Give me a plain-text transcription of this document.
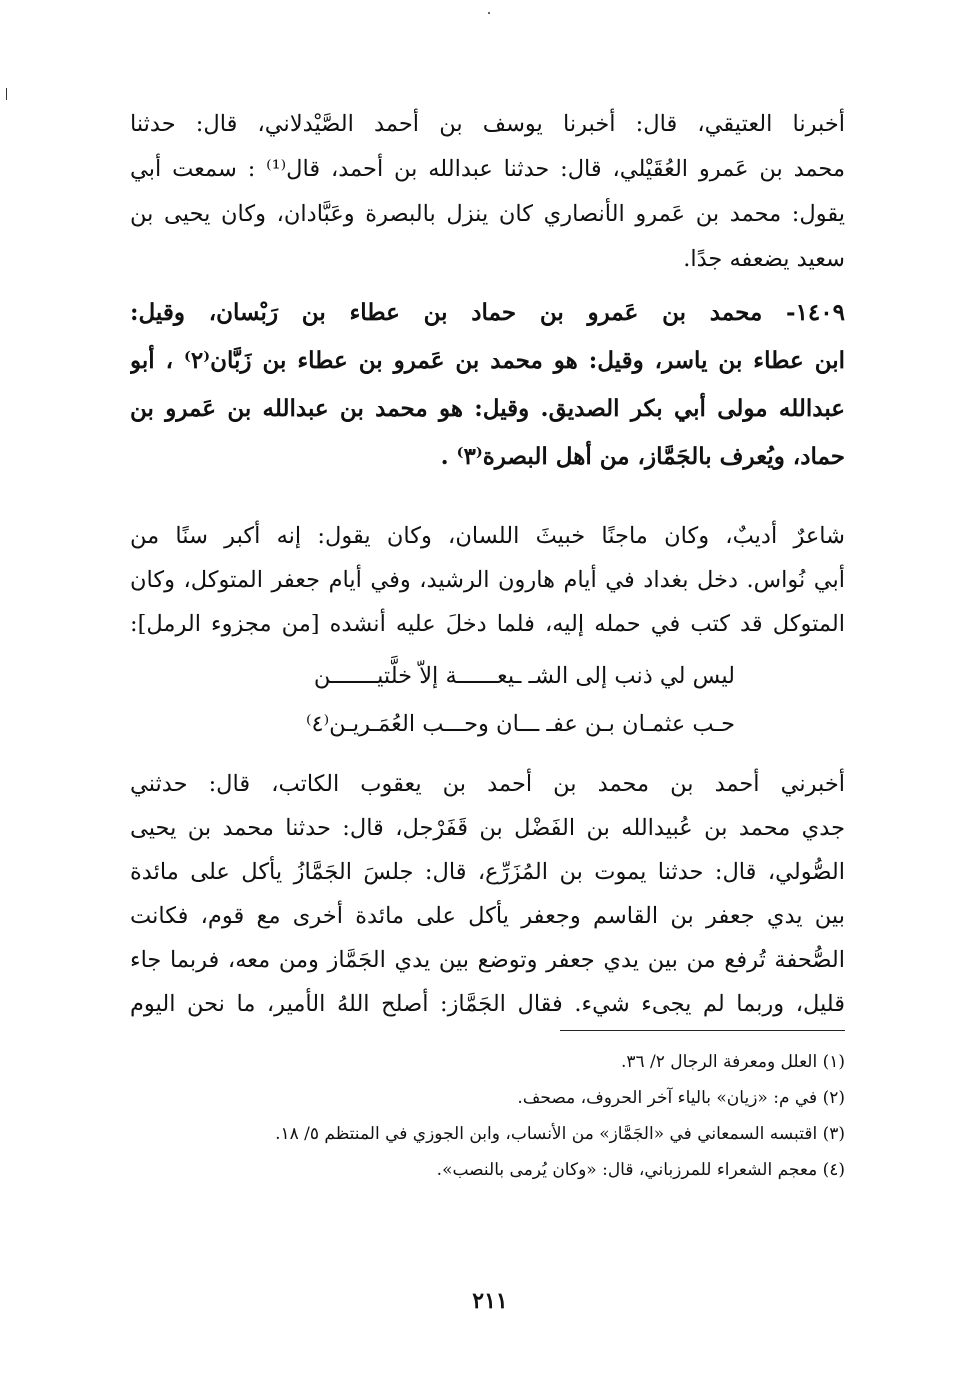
أخبرنا العتيقي، قال: أخبرنا يوسف بن أحمد الصَّيْدلاني، قال: حدثنا
محمد بن عَمرو العُقَيْلي، قال: حدثنا عبدالله بن أحمد، قال⁽¹⁾ : سمعت أبي
يقول: محمد بن عَمرو الأنصاري كان ينزل بالبصرة وعَبَّادان، وكان يحيى بن
سعيد يضعفه جدًا.
١٤٠٩- محمد بن عَمرو بن حماد بن عطاء بن رَبْسان، وقيل:
ابن عطاء بن ياسر، وقيل: هو محمد بن عَمرو بن عطاء بن زَبَّان⁽٢⁾ ، أبو
عبدالله مولى أبي بكر الصديق. وقيل: هو محمد بن عبدالله بن عَمرو بن
حماد، ويُعرف بالجَمَّاز، من أهل البصرة⁽٣⁾ .
شاعرٌ أديبٌ، وكان ماجنًا خبيثَ اللسان، وكان يقول: إنه أكبر سنًا من
أبي نُواس. دخل بغداد في أيام هارون الرشيد، وفي أيام جعفر المتوكل، وكان
المتوكل قد كتب في حمله إليه، فلما دخلَ عليه أنشده [من مجزوء الرمل]:
ليس لي ذنب إلى الشـ ـيعــــــة إلاّ خلَّتيـــــــن
حـب عثمـان بـن عفـ ـــان وحـــب العُمَـريـن⁽٤⁾
أخبرني أحمد بن محمد بن أحمد بن يعقوب الكاتب، قال: حدثني
جدي محمد بن عُبيدالله بن الفَضْل بن قَفَرْجل، قال: حدثنا محمد بن يحيى
الصُّولي، قال: حدثنا يموت بن المُزَرِّع، قال: جلسَ الجَمَّازُ يأكل على مائدة
بين يدي جعفر بن القاسم وجعفر يأكل على مائدة أخرى مع قوم، فكانت
الصُّحفة تُرفع من بين يدي جعفر وتوضع بين يدي الجَمَّاز ومن معه، فربما جاء
قليل، وربما لم يجىء شيء. فقال الجَمَّاز: أصلح اللهُ الأمير، ما نحن اليوم
(١) العلل ومعرفة الرجال ٢/ ٣٦.
(٢) في م: «زيان» بالياء آخر الحروف، مصحف.
(٣) اقتبسه السمعاني في «الجَمَّاز» من الأنساب، وابن الجوزي في المنتظم ٥/ ١٨.
(٤) معجم الشعراء للمرزباني، قال: «وكان يُرمى بالنصب».
٢١١
